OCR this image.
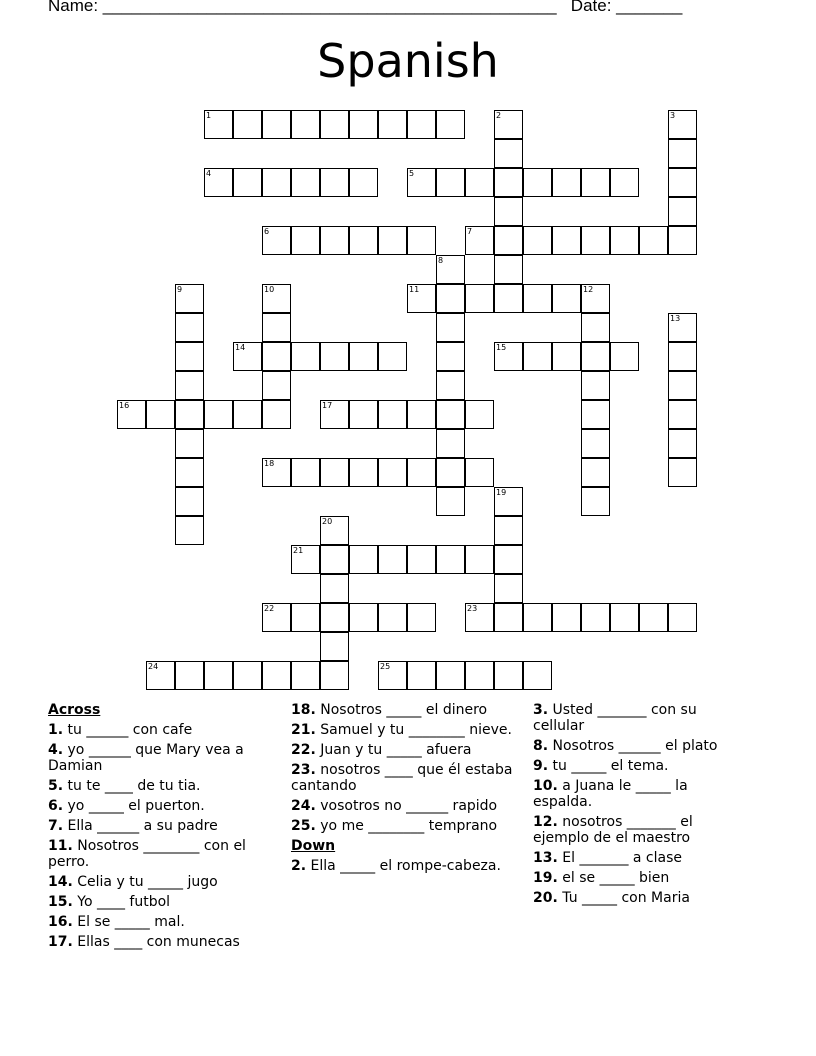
Name: ________________________________________________ Date: _______
Spanish
1
4	5
6	7
11	12
14	15
16	17
18
21
22	23
24	25
2	3
8
9	10
13
19
20
Across
1. tu ______ con cafe
4. yo ______ que Mary vea a Damian
5. tu te ____ de tu tia.
6. yo _____ el puerton.
7. Ella ______ a su padre
11. Nosotros ________ con el perro.
14. Celia y tu _____ jugo
15. Yo ____ futbol
16. El se _____ mal.
17. Ellas ____ con munecas
18. Nosotros _____ el dinero
21. Samuel y tu ________ nieve.
22. Juan y tu _____ afuera
23. nosotros ____ que él estaba cantando
24. vosotros no ______ rapido
25. yo me ________ temprano
Down
2. Ella _____ el rompe-cabeza.
3. Usted _______ con su cellular
8. Nosotros ______ el plato
9. tu _____ el tema.
10. a Juana le _____ la espalda.
12. nosotros _______ el ejemplo de el maestro
13. El _______ a clase
19. el se _____ bien
20. Tu _____ con Maria
